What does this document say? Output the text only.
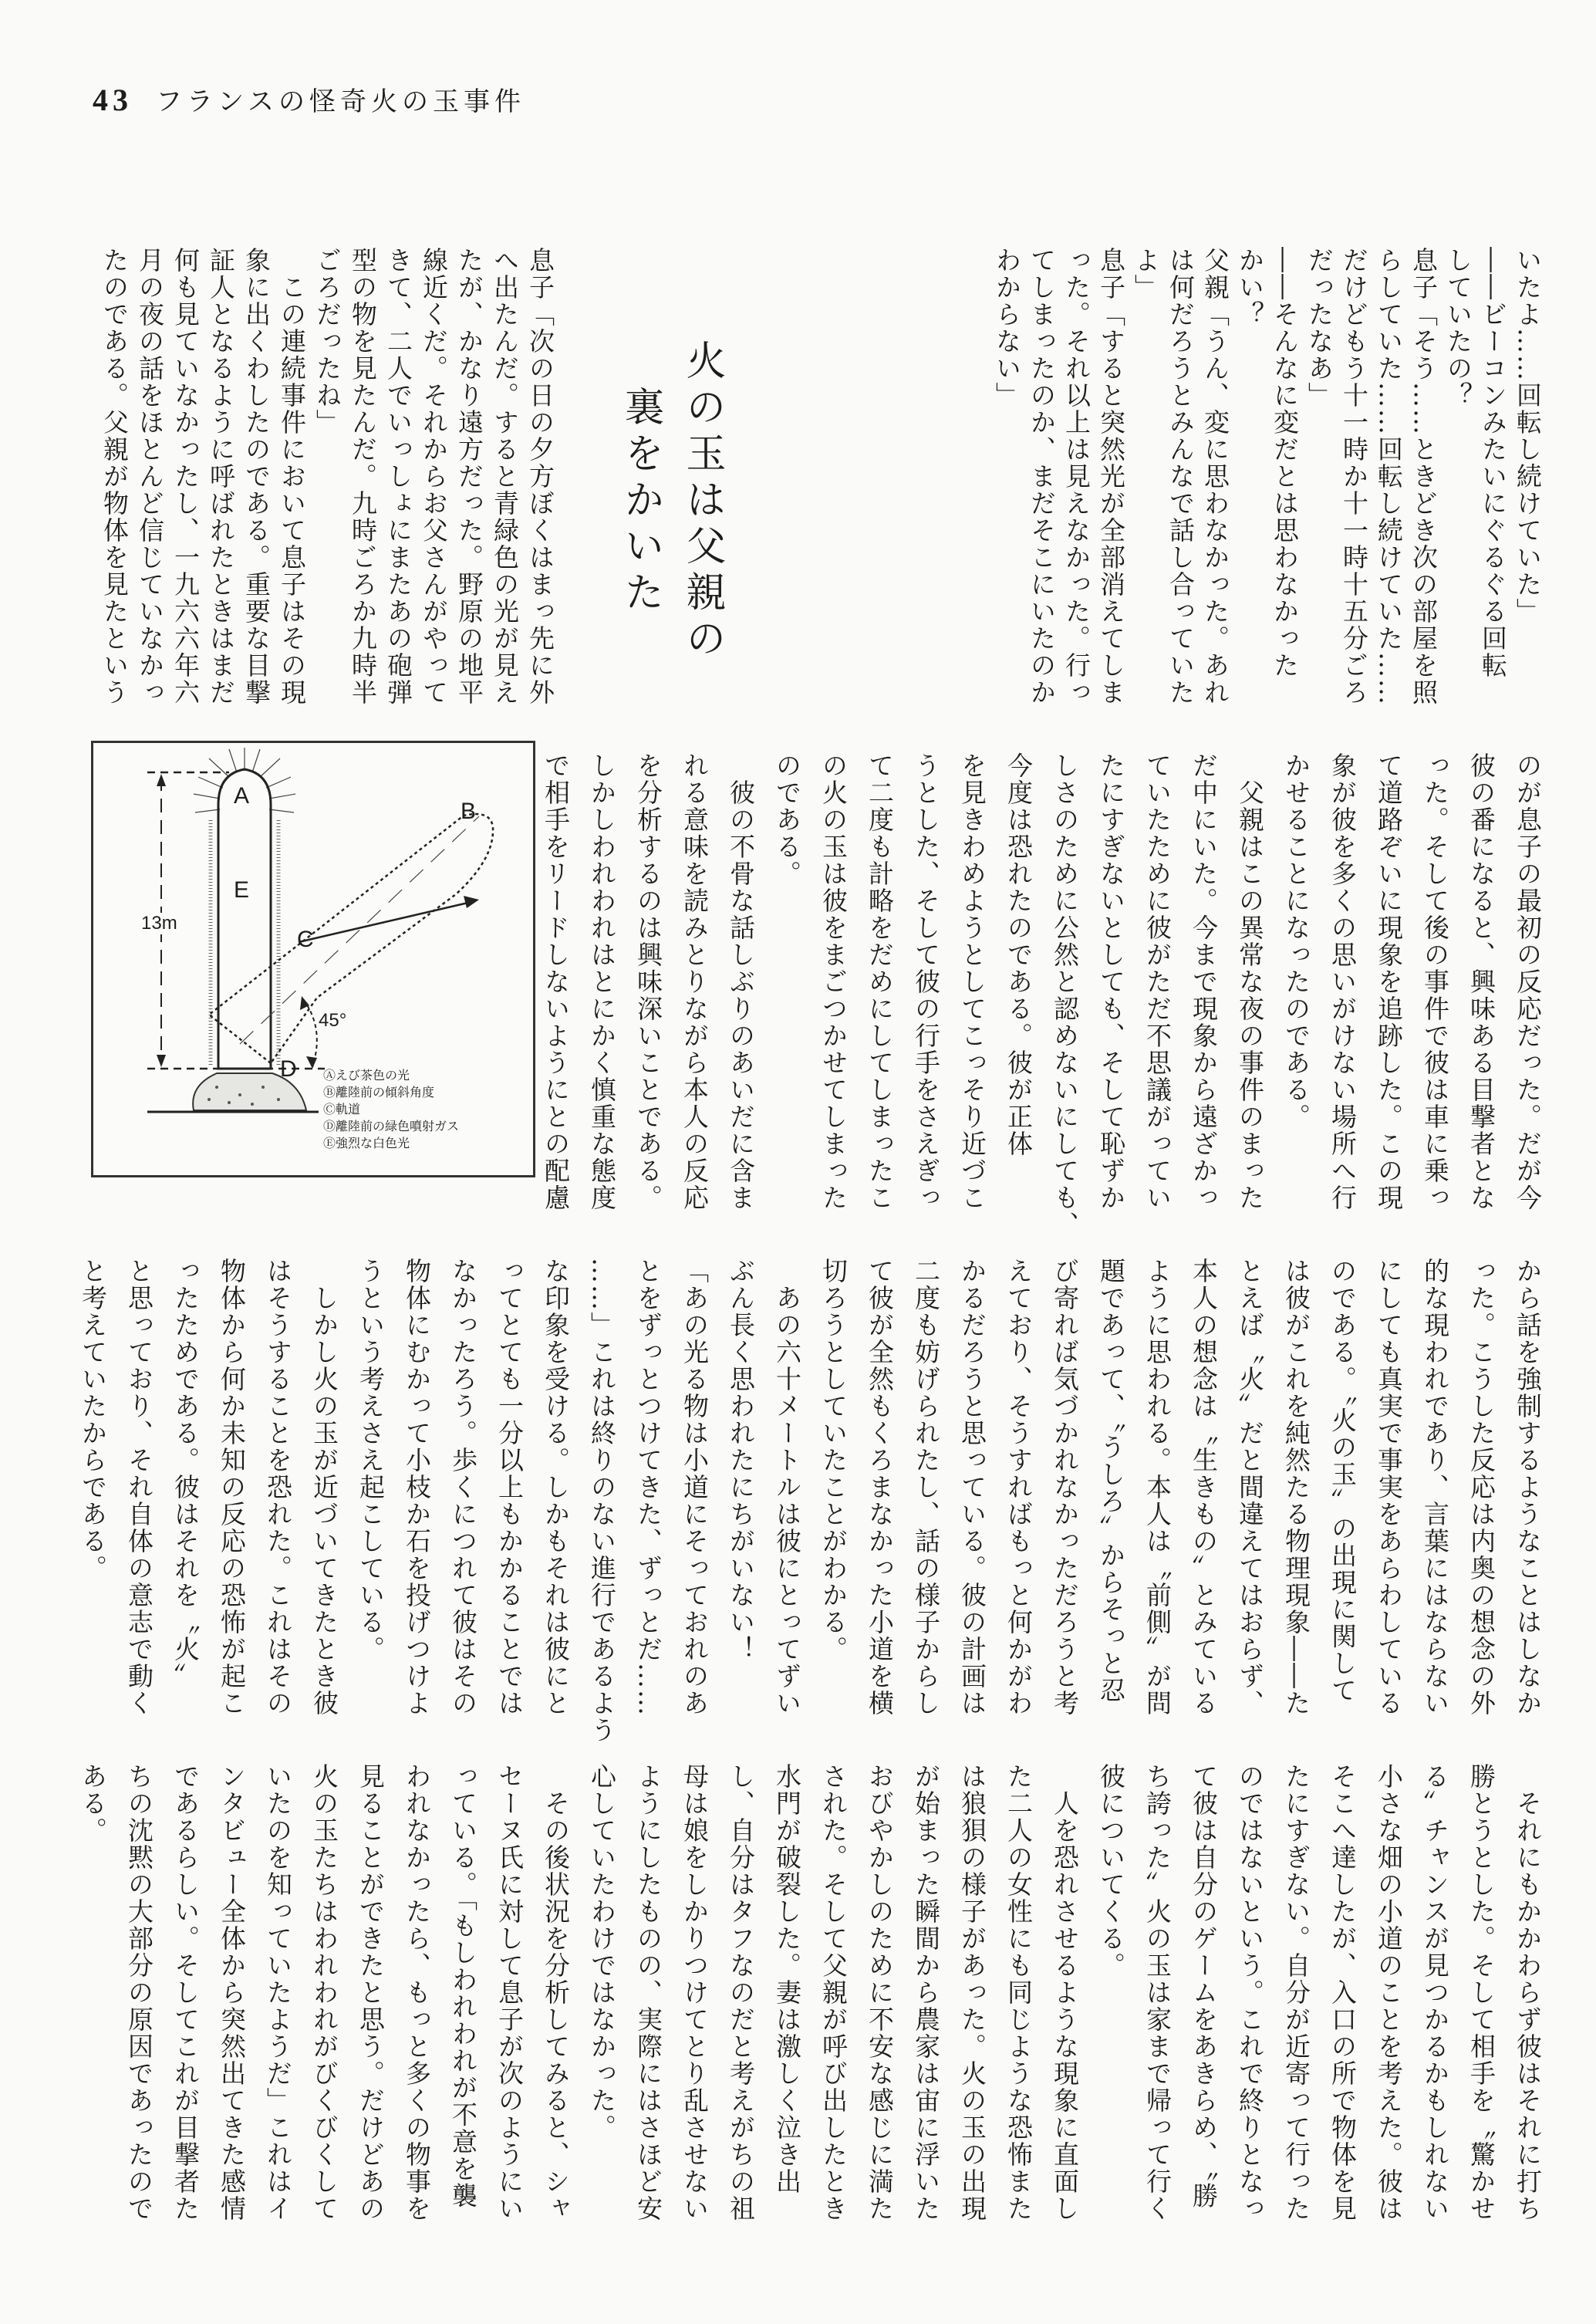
43 フランスの怪奇火の玉事件

いたよ……回転し続けていた」

――ビーコンみたいにぐるぐる回転

していたの？

息子「そう……ときどき次の部屋を照

らしていた……回転し続けていた……

だけどもう十一時か十一時十五分ごろ

だったなあ」

――そんなに変だとは思わなかった

かい？

父親「うん、変に思わなかった。あれ

は何だろうとみんなで話し合っていた

よ」

息子「すると突然光が全部消えてしま

った。それ以上は見えなかった。行っ

てしまったのか、まだそこにいたのか

わからない」

火の玉は父親の
裏をかいた

息子「次の日の夕方ぼくはまっ先に外

へ出たんだ。すると青緑色の光が見え

たが、かなり遠方だった。野原の地平

線近くだ。それからお父さんがやって

きて、二人でいっしょにまたあの砲弾

型の物を見たんだ。九時ごろか九時半

ごろだったね」

　この連続事件において息子はその現

象に出くわしたのである。重要な目撃

証人となるように呼ばれたときはまだ

何も見ていなかったし、一九六六年六

月の夜の話をほとんど信じていなかっ

たのである。父親が物体を見たという

のが息子の最初の反応だった。だが今

彼の番になると、興味ある目撃者とな

った。そして後の事件で彼は車に乗っ

て道路ぞいに現象を追跡した。この現

象が彼を多くの思いがけない場所へ行

かせることになったのである。

　父親はこの異常な夜の事件のまった

だ中にいた。今まで現象から遠ざかっ

ていたために彼がただ不思議がってい

たにすぎないとしても、そして恥ずか

しさのために公然と認めないにしても、

今度は恐れたのである。彼が正体

を見きわめようとしてこっそり近づこ

うとした、そして彼の行手をさえぎっ

て二度も計略をだめにしてしまったこ

の火の玉は彼をまごつかせてしまった

のである。

　彼の不骨な話しぶりのあいだに含ま

れる意味を読みとりながら本人の反応

を分析するのは興味深いことである。

しかしわれわれはとにかく慎重な態度

で相手をリードしないようにとの配慮

A
B
C
D
E
13m
45°
Ⓐえび茶色の光
Ⓑ離陸前の傾斜角度
Ⓒ軌道
Ⓓ離陸前の緑色噴射ガス
Ⓔ強烈な白色光

から話を強制するようなことはしなか

った。こうした反応は内奥の想念の外

的な現われであり、言葉にはならない

にしても真実で事実をあらわしている

のである。〝火の玉〟の出現に関して

は彼がこれを純然たる物理現象――た

とえば〝火〟だと間違えてはおらず、

本人の想念は〝生きもの〟とみている

ように思われる。本人は〝前側〟が問

題であって、〝うしろ〟からそっと忍

び寄れば気づかれなかっただろうと考

えており、そうすればもっと何かがわ

かるだろうと思っている。彼の計画は

二度も妨げられたし、話の様子からし

て彼が全然もくろまなかった小道を横

切ろうとしていたことがわかる。

　あの六十メートルは彼にとってずい

ぶん長く思われたにちがいない！

「あの光る物は小道にそっておれのあ

とをずっとつけてきた、ずっとだ……

……」これは終りのない進行であるよう

な印象を受ける。しかもそれは彼にと

ってとても一分以上もかかることでは

なかったろう。歩くにつれて彼はその

物体にむかって小枝か石を投げつけよ

うという考えさえ起こしている。

　しかし火の玉が近づいてきたとき彼

はそうすることを恐れた。これはその

物体から何か未知の反応の恐怖が起こ

ったためである。彼はそれを〝火〟

と思っており、それ自体の意志で動く

と考えていたからである。

　それにもかかわらず彼はそれに打ち

勝とうとした。そして相手を〝驚かせ

る〟チャンスが見つかるかもしれない

小さな畑の小道のことを考えた。彼は

そこへ達したが、入口の所で物体を見

たにすぎない。自分が近寄って行った

のではないという。これで終りとなっ

て彼は自分のゲームをあきらめ、〝勝

ち誇った〟火の玉は家まで帰って行く

彼についてくる。

　人を恐れさせるような現象に直面し

た二人の女性にも同じような恐怖また

は狼狽の様子があった。火の玉の出現

が始まった瞬間から農家は宙に浮いた

おびやかしのために不安な感じに満た

された。そして父親が呼び出したとき

水門が破裂した。妻は激しく泣き出

し、自分はタフなのだと考えがちの祖

母は娘をしかりつけてとり乱させない

ようにしたものの、実際にはさほど安

心していたわけではなかった。

　その後状況を分析してみると、シャ

セーヌ氏に対して息子が次のようにい

っている。「もしわれわれが不意を襲

われなかったら、もっと多くの物事を

見ることができたと思う。だけどあの

火の玉たちはわれわれがびくびくして

いたのを知っていたようだ」これはイ

ンタビュー全体から突然出てきた感情

であるらしい。そしてこれが目撃者た

ちの沈黙の大部分の原因であったので

ある。
